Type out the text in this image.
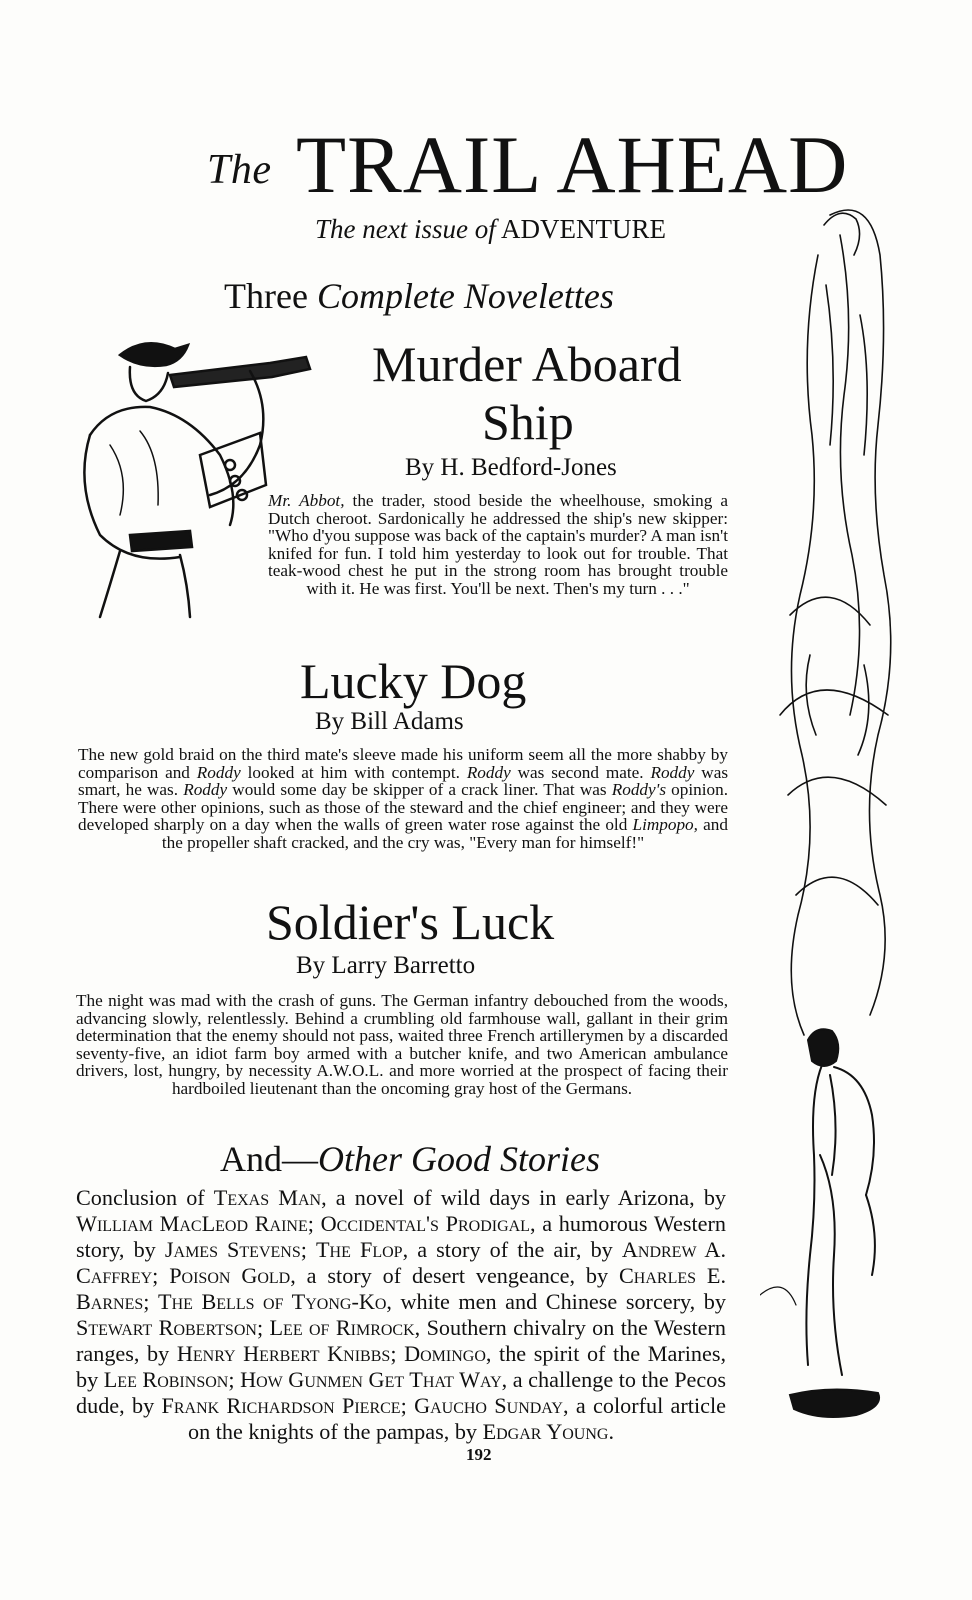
The TRAIL AHEAD
The next issue of ADVENTURE
Three Complete Novelettes
Murder Aboard
Ship
By H. Bedford-Jones
Mr. Abbot, the trader, stood beside the wheelhouse, smoking a Dutch cheroot. Sardonically he addressed the ship's new skipper: "Who d'you suppose was back of the captain's murder? A man isn't knifed for fun. I told him yesterday to look out for trouble. That teak-wood chest he put in the strong room has brought trouble with it. He was first. You'll be next. Then's my turn . . ."
Lucky Dog
By Bill Adams
The new gold braid on the third mate's sleeve made his uniform seem all the more shabby by comparison and Roddy looked at him with contempt. Roddy was second mate. Roddy was smart, he was. Roddy would some day be skipper of a crack liner. That was Roddy's opinion. There were other opinions, such as those of the steward and the chief engineer; and they were developed sharply on a day when the walls of green water rose against the old Limpopo, and the propeller shaft cracked, and the cry was, "Every man for himself!"
Soldier's Luck
By Larry Barretto
The night was mad with the crash of guns. The German infantry debouched from the woods, advancing slowly, relentlessly. Behind a crumbling old farmhouse wall, gallant in their grim determination that the enemy should not pass, waited three French artillerymen by a discarded seventy-five, an idiot farm boy armed with a butcher knife, and two American ambulance drivers, lost, hungry, by necessity A.W.O.L. and more worried at the prospect of facing their hardboiled lieutenant than the oncoming gray host of the Germans.
And—Other Good Stories
Conclusion of Texas Man, a novel of wild days in early Arizona, by William MacLeod Raine; Occidental's Prodigal, a humorous Western story, by James Stevens; The Flop, a story of the air, by Andrew A. Caffrey; Poison Gold, a story of desert vengeance, by Charles E. Barnes; The Bells of Tyong-Ko, white men and Chinese sorcery, by Stewart Robertson; Lee of Rimrock, Southern chivalry on the Western ranges, by Henry Herbert Knibbs; Domingo, the spirit of the Marines, by Lee Robinson; How Gunmen Get That Way, a challenge to the Pecos dude, by Frank Richardson Pierce; Gaucho Sunday, a colorful article on the knights of the pampas, by Edgar Young.
192
